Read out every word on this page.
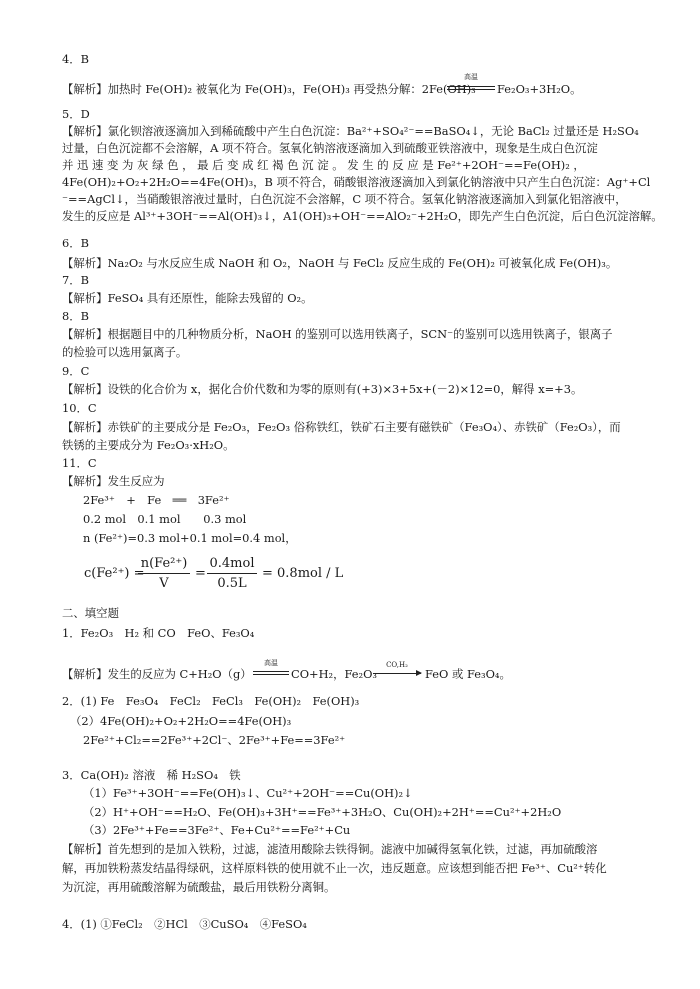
4．B
【解析】加热时 Fe(OH)₂ 被氧化为 Fe(OH)₃，Fe(OH)₃ 再受热分解：2Fe(OH)₃
高温
Fe₂O₃+3H₂O。
5．D
【解析】氯化钡溶液逐滴加入到稀硫酸中产生白色沉淀：Ba²⁺+SO₄²⁻==BaSO₄↓，无论 BaCl₂ 过量还是 H₂SO₄
过量，白色沉淀都不会溶解，A 项不符合。氢氧化钠溶液逐滴加入到硫酸亚铁溶液中，现象是生成白色沉淀
并 迅 速 变 为 灰 绿 色 ， 最 后 变 成 红 褐 色 沉 淀 。 发 生 的 反 应 是 Fe²⁺+2OH⁻==Fe(OH)₂ ，
4Fe(OH)₂+O₂+2H₂O==4Fe(OH)₃，B 项不符合，硝酸银溶液逐滴加入到氯化钠溶液中只产生白色沉淀：Ag⁺+Cl
⁻==AgCl↓，当硝酸银溶液过量时，白色沉淀不会溶解，C 项不符合。氢氧化钠溶液逐滴加入到氯化铝溶液中，
发生的反应是 Al³⁺+3OH⁻==Al(OH)₃↓，A1(OH)₃+OH⁻==AlO₂⁻+2H₂O，即先产生白色沉淀，后白色沉淀溶解。
6．B
【解析】Na₂O₂ 与水反应生成 NaOH 和 O₂，NaOH 与 FeCl₂ 反应生成的 Fe(OH)₂ 可被氧化成 Fe(OH)₃。
7．B
【解析】FeSO₄ 具有还原性，能除去残留的 O₂。
8．B
【解析】根据题目中的几种物质分析，NaOH 的鉴别可以选用铁离子，SCN⁻的鉴别可以选用铁离子，银离子
的检验可以选用氯离子。
9．C
【解析】设铁的化合价为 x，据化合价代数和为零的原则有(+3)×3+5x+(－2)×12=0，解得 x=+3。
10．C
【解析】赤铁矿的主要成分是 Fe₂O₃，Fe₂O₃ 俗称铁红，铁矿石主要有磁铁矿（Fe₃O₄）、赤铁矿（Fe₂O₃），而
铁锈的主要成分为 Fe₂O₃·xH₂O。
11．C
【解析】发生反应为
2Fe³⁺　+　Fe　══　3Fe²⁺
0.2 mol　0.1 mol　　0.3 mol
n (Fe²⁺)=0.3 mol+0.1 mol=0.4 mol，
c(Fe²⁺) =
n(Fe²⁺)
V
=
0.4mol
0.5L
= 0.8mol / L
二、填空题
1．Fe₂O₃　H₂ 和 CO　FeO、Fe₃O₄
【解析】发生的反应为 C+H₂O（g）
高温
CO+H₂，Fe₂O₃
CO,H₂
→ FeO 或 Fe₃O₄。
2．(1) Fe　Fe₃O₄　FeCl₂　FeCl₃　Fe(OH)₂　Fe(OH)₃
（2）4Fe(OH)₂+O₂+2H₂O==4Fe(OH)₃
2Fe²⁺+Cl₂==2Fe³⁺+2Cl⁻、2Fe³⁺+Fe==3Fe²⁺
3．Ca(OH)₂ 溶液　稀 H₂SO₄　铁
（1）Fe³⁺+3OH⁻==Fe(OH)₃↓、Cu²⁺+2OH⁻==Cu(OH)₂↓
（2）H⁺+OH⁻==H₂O、Fe(OH)₃+3H⁺==Fe³⁺+3H₂O、Cu(OH)₂+2H⁺==Cu²⁺+2H₂O
（3）2Fe³⁺+Fe==3Fe²⁺、Fe+Cu²⁺==Fe²⁺+Cu
【解析】首先想到的是加入铁粉，过滤，滤渣用酸除去铁得铜。滤液中加碱得氢氧化铁，过滤，再加硫酸溶
解，再加铁粉蒸发结晶得绿矾，这样原料铁的使用就不止一次，违反题意。应该想到能否把 Fe³⁺、Cu²⁺转化
为沉淀，再用硫酸溶解为硫酸盐，最后用铁粉分离铜。
4．(1) ①FeCl₂　②HCl　③CuSO₄　④FeSO₄
